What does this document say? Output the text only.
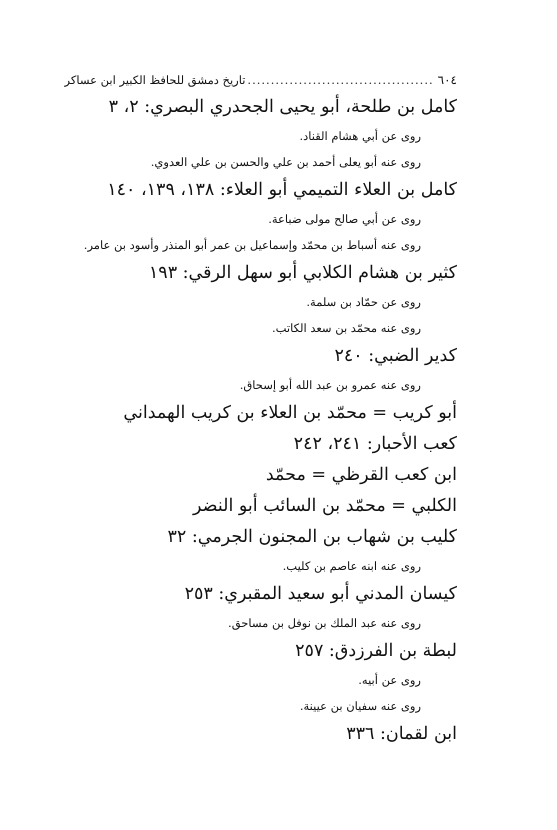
٦٠٤
........................................
تاريخ دمشق للحافظ الكبير ابن عساكر
كامل بن طلحة، أبو يحيى الجحدري البصري: ٢، ٣
روى عن أبي هشام القناد.
روى عنه أبو يعلى أحمد بن علي والحسن بن علي العدوي.
كامل بن العلاء التميمي أبو العلاء: ١٣٨، ١٣٩، ١٤٠
روى عن أبي صالح مولى ضباعة.
روى عنه أسباط بن محمّد وإسماعيل بن عمر أبو المنذر وأسود بن عامر.
كثير بن هشام الكلابي أبو سهل الرقي: ١٩٣
روى عن حمّاد بن سلمة.
روى عنه محمّد بن سعد الكاتب.
كدير الضبي: ٢٤٠
روى عنه عمرو بن عبد الله أبو إسحاق.
أبو كريب = محمّد بن العلاء بن كريب الهمداني
كعب الأحبار: ٢٤١، ٢٤٢
ابن كعب القرظي = محمّد
الكلبي = محمّد بن السائب أبو النضر
كليب بن شهاب بن المجنون الجرمي: ٣٢
روى عنه ابنه عاصم بن كليب.
كيسان المدني أبو سعيد المقبري: ٢٥٣
روى عنه عبد الملك بن نوفل بن مساحق.
لبطة بن الفرزدق: ٢٥٧
روى عن أبيه.
روى عنه سفيان بن عيينة.
ابن لقمان: ٣٣٦
